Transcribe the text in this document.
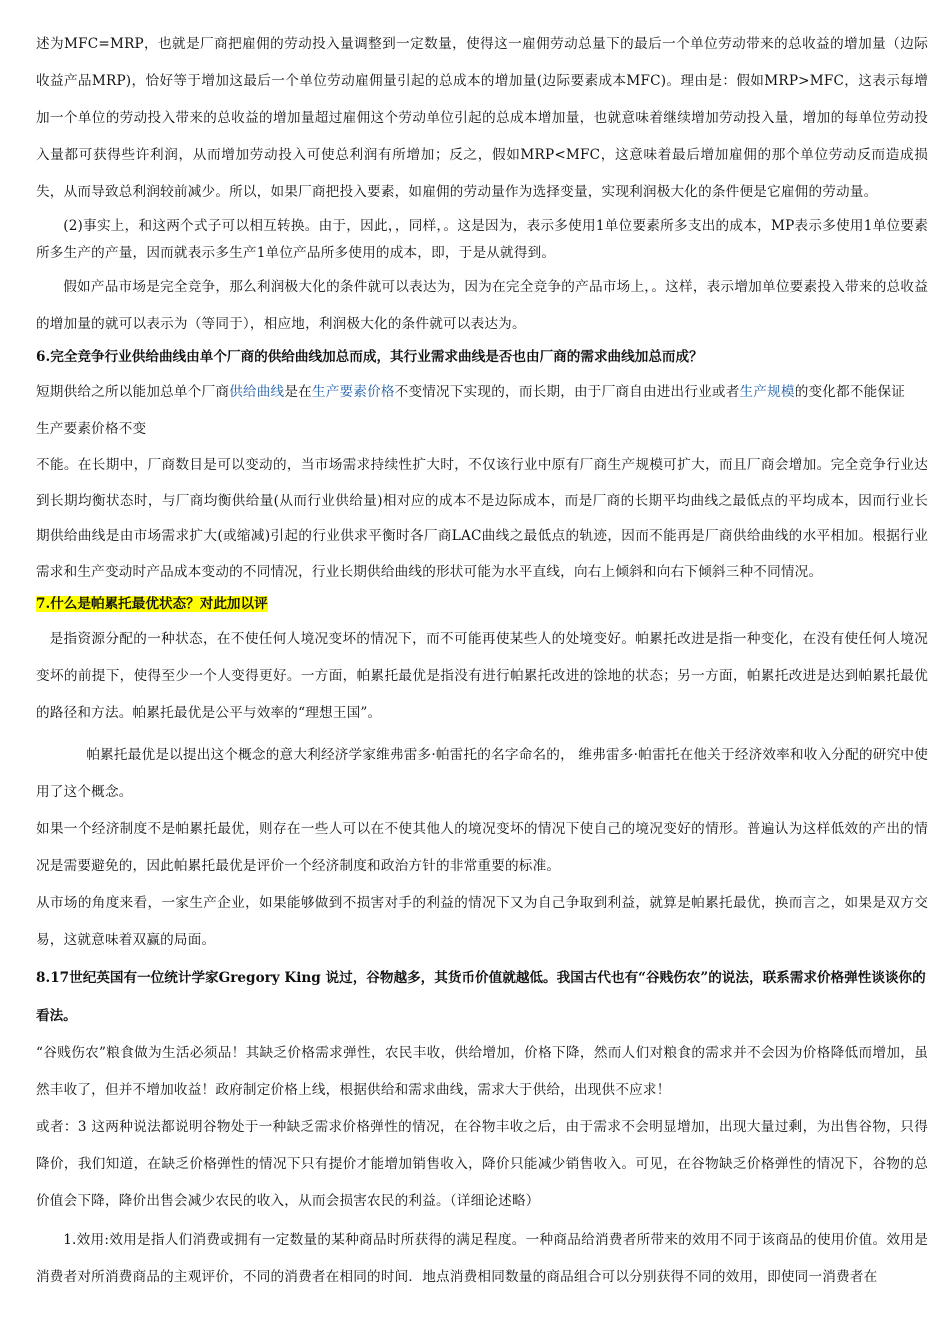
述为MFC=MRP，也就是厂商把雇佣的劳动投入量调整到一定数量，使得这一雇佣劳动总量下的最后一个单位劳动带来的总收益的增加量（边际收益产品MRP)，恰好等于增加这最后一个单位劳动雇佣量引起的总成本的增加量(边际要素成本MFC)。理由是：假如MRP>MFC，这表示每增加一个单位的劳动投入带来的总收益的增加量超过雇佣这个劳动单位引起的总成本增加量，也就意味着继续增加劳动投入量，增加的每单位劳动投入量都可获得些许利润，从而增加劳动投入可使总利润有所增加；反之，假如MRP<MFC，这意味着最后增加雇佣的那个单位劳动反而造成损失，从而导致总利润较前减少。所以，如果厂商把投入要素，如雇佣的劳动量作为选择变量，实现利润极大化的条件便是它雇佣的劳动量。

(2)事实上，和这两个式子可以相互转换。由于，因此，，同样，。这是因为，表示多使用1单位要素所多支出的成本，MP表示多使用1单位要素所多生产的产量，因而就表示多生产1单位产品所多使用的成本，即，于是从就得到。

假如产品市场是完全竞争，那么利润极大化的条件就可以表达为，因为在完全竞争的产品市场上，。这样，表示增加单位要素投入带来的总收益的增加量的就可以表示为（等同于），相应地，利润极大化的条件就可以表达为。

6.完全竞争行业供给曲线由单个厂商的供给曲线加总而成，其行业需求曲线是否也由厂商的需求曲线加总而成？

短期供给之所以能加总单个厂商供给曲线是在生产要素价格不变情况下实现的，而长期，由于厂商自由进出行业或者生产规模的变化都不能保证

生产要素价格不变

不能。在长期中，厂商数目是可以变动的，当市场需求持续性扩大时，不仅该行业中原有厂商生产规模可扩大，而且厂商会增加。完全竞争行业达到长期均衡状态时，与厂商均衡供给量(从而行业供给量)相对应的成本不是边际成本，而是厂商的长期平均曲线之最低点的平均成本，因而行业长期供给曲线是由市场需求扩大(或缩减)引起的行业供求平衡时各厂商LAC曲线之最低点的轨迹，因而不能再是厂商供给曲线的水平相加。根据行业需求和生产变动时产品成本变动的不同情况，行业长期供给曲线的形状可能为水平直线，向右上倾斜和向右下倾斜三种不同情况。

7.什么是帕累托最优状态？对此加以评

是指资源分配的一种状态，在不使任何人境况变坏的情况下，而不可能再使某些人的处境变好。帕累托改进是指一种变化，在没有使任何人境况变坏的前提下，使得至少一个人变得更好。一方面，帕累托最优是指没有进行帕累托改进的馀地的状态；另一方面，帕累托改进是达到帕累托最优的路径和方法。帕累托最优是公平与效率的“理想王国”。

帕累托最优是以提出这个概念的意大利经济学家维弗雷多·帕雷托的名字命名的， 维弗雷多·帕雷托在他关于经济效率和收入分配的研究中使用了这个概念。

如果一个经济制度不是帕累托最优，则存在一些人可以在不使其他人的境况变坏的情况下使自己的境况变好的情形。普遍认为这样低效的产出的情况是需要避免的，因此帕累托最优是评价一个经济制度和政治方针的非常重要的标准。

从市场的角度来看，一家生产企业，如果能够做到不损害对手的利益的情况下又为自己争取到利益，就算是帕累托最优，换而言之，如果是双方交易，这就意味着双赢的局面。

8.17世纪英国有一位统计学家Gregory King 说过，谷物越多，其货币价值就越低。我国古代也有“谷贱伤农”的说法，联系需求价格弹性谈谈你的看法。

“谷贱伤农”粮食做为生活必须品！其缺乏价格需求弹性，农民丰收，供给增加，价格下降，然而人们对粮食的需求并不会因为价格降低而增加，虽然丰收了，但并不增加收益！政府制定价格上线，根据供给和需求曲线，需求大于供给，出现供不应求！

或者：3 这两种说法都说明谷物处于一种缺乏需求价格弹性的情况，在谷物丰收之后，由于需求不会明显增加，出现大量过剩，为出售谷物，只得降价，我们知道，在缺乏价格弹性的情况下只有提价才能增加销售收入，降价只能减少销售收入。可见，在谷物缺乏价格弹性的情况下，谷物的总价值会下降，降价出售会减少农民的收入，从而会损害农民的利益。（详细论述略）

1.效用:效用是指人们消费或拥有一定数量的某种商品时所获得的满足程度。一种商品给消费者所带来的效用不同于该商品的使用价值。效用是消费者对所消费商品的主观评价，不同的消费者在相同的时间．地点消费相同数量的商品组合可以分别获得不同的效用，即使同一消费者在
